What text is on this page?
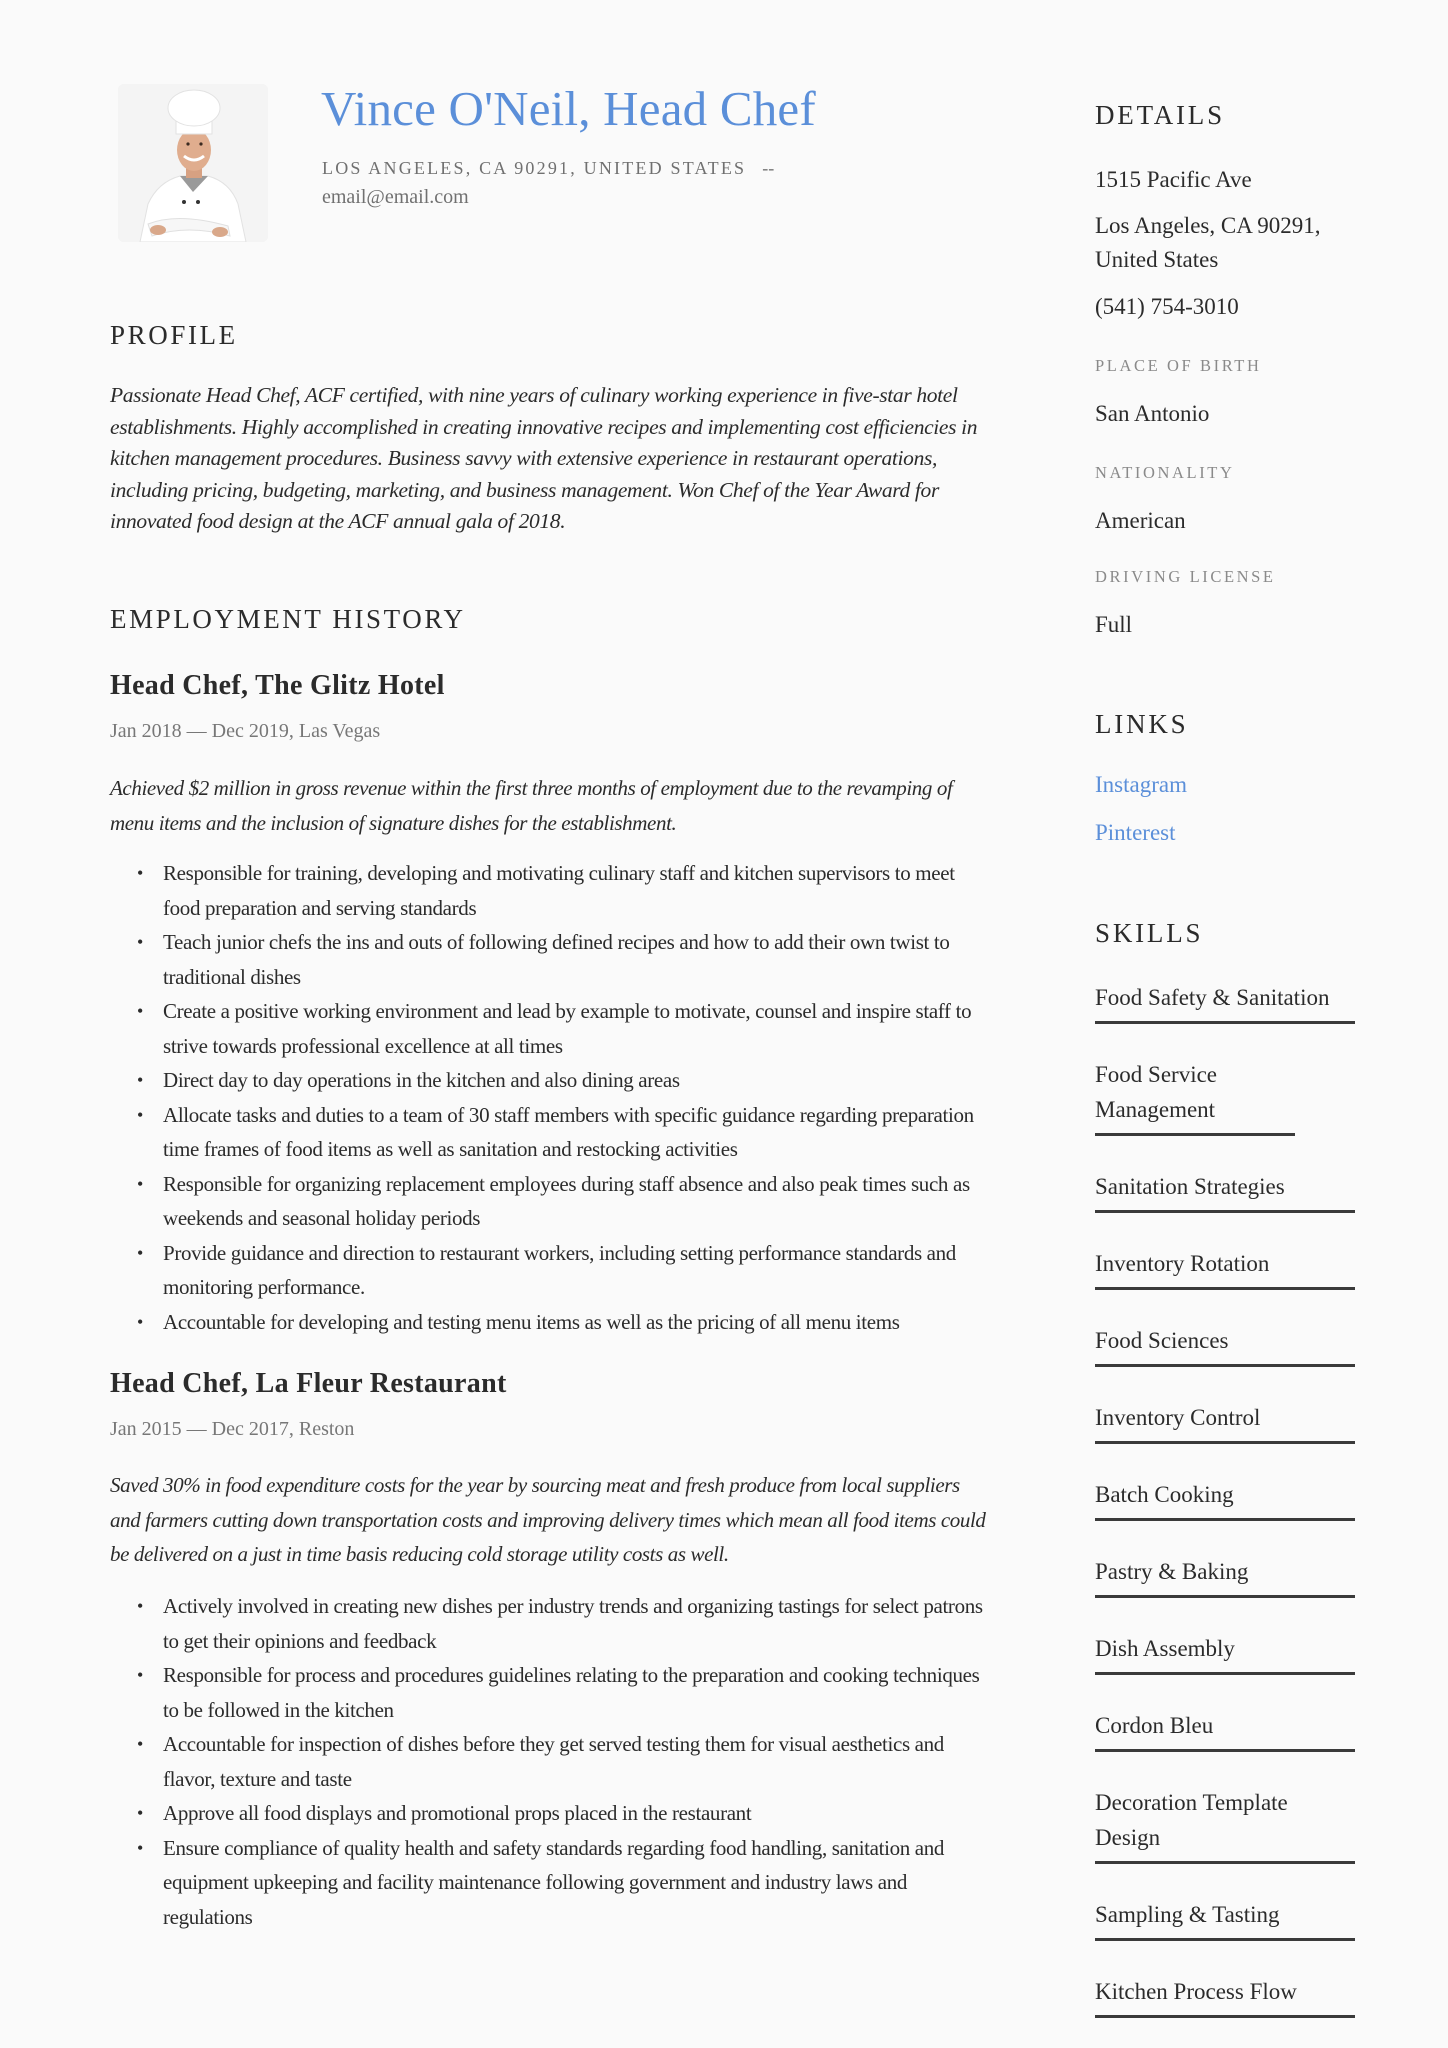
Vince O'Neil, Head Chef
LOS ANGELES, CA 90291, UNITED STATES --
email@email.com
PROFILE

Passionate Head Chef, ACF certified, with nine years of culinary working experience in five-star hotel establishments. Highly accomplished in creating innovative recipes and implementing cost efficiencies in kitchen management procedures. Business savvy with extensive experience in restaurant operations, including pricing, budgeting, marketing, and business management. Won Chef of the Year Award for innovated food design at the ACF annual gala of 2018.

EMPLOYMENT HISTORY
Head Chef, The Glitz Hotel
Jan 2018 — Dec 2019, Las Vegas

Achieved $2 million in gross revenue within the first three months of employment due to the revamping of menu items and the inclusion of signature dishes for the establishment.

• Responsible for training, developing and motivating culinary staff and kitchen supervisors to meet food preparation and serving standards
• Teach junior chefs the ins and outs of following defined recipes and how to add their own twist to traditional dishes
• Create a positive working environment and lead by example to motivate, counsel and inspire staff to strive towards professional excellence at all times
• Direct day to day operations in the kitchen and also dining areas
• Allocate tasks and duties to a team of 30 staff members with specific guidance regarding preparation time frames of food items as well as sanitation and restocking activities
• Responsible for organizing replacement employees during staff absence and also peak times such as weekends and seasonal holiday periods
• Provide guidance and direction to restaurant workers, including setting performance standards and monitoring performance.
• Accountable for developing and testing menu items as well as the pricing of all menu items
Head Chef, La Fleur Restaurant
Jan 2015 — Dec 2017, Reston

Saved 30% in food expenditure costs for the year by sourcing meat and fresh produce from local suppliers and farmers cutting down transportation costs and improving delivery times which mean all food items could be delivered on a just in time basis reducing cold storage utility costs as well.

• Actively involved in creating new dishes per industry trends and organizing tastings for select patrons to get their opinions and feedback
• Responsible for process and procedures guidelines relating to the preparation and cooking techniques to be followed in the kitchen
• Accountable for inspection of dishes before they get served testing them for visual aesthetics and flavor, texture and taste
• Approve all food displays and promotional props placed in the restaurant
• Ensure compliance of quality health and safety standards regarding food handling, sanitation and equipment upkeeping and facility maintenance following government and industry laws and regulations
DETAILS
1515 Pacific Ave
Los Angeles, CA 90291, United States
(541) 754-3010
PLACE OF BIRTH
San Antonio
NATIONALITY
American
DRIVING LICENSE
Full
LINKS
Instagram
Pinterest
SKILLS
Food Safety & Sanitation
Food Service Management
Sanitation Strategies
Inventory Rotation
Food Sciences
Inventory Control
Batch Cooking
Pastry & Baking
Dish Assembly
Cordon Bleu
Decoration Template Design
Sampling & Tasting
Kitchen Process Flow
